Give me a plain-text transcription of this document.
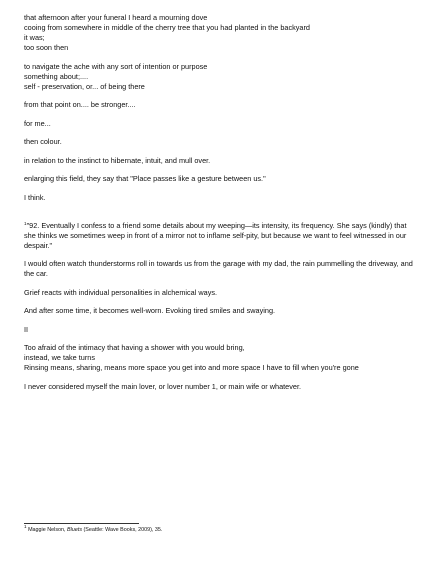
that afternoon after your funeral I heard a mourning dove
cooing from somewhere in middle of the cherry tree that you had planted in the backyard
it was;
too soon then

to navigate the ache with any sort of intention or purpose
something about;....
self - preservation, or... of being there

from that point on.... be stronger....

for me...

then colour.

in relation to the instinct to hibernate, intuit, and mull over.

enlarging this field, they say that "Place passes like a gesture between us."

I think.

$^1$"92. Eventually I confess to a friend some details about my weeping—its intensity, its frequency. She says (kindly) that she thinks we sometimes weep in front of a mirror not to inflame self-pity, but because we want to feel witnessed in our despair."

I would often watch thunderstorms roll in towards us from the garage with my dad, the rain pummelling the driveway, and the car.

Grief reacts with individual personalities in alchemical ways.

And after some time, it becomes well-worn. Evoking tired smiles and swaying.

II

Too afraid of the intimacy that having a shower with you would bring,
instead, we take turns
Rinsing means, sharing, means more space you get into and more space I have to fill when you're gone

I never considered myself the main lover, or lover number 1, or main wife or whatever.

$^1$ Maggie Nelson, Bluets (Seattle: Wave Books, 2009), 35.
